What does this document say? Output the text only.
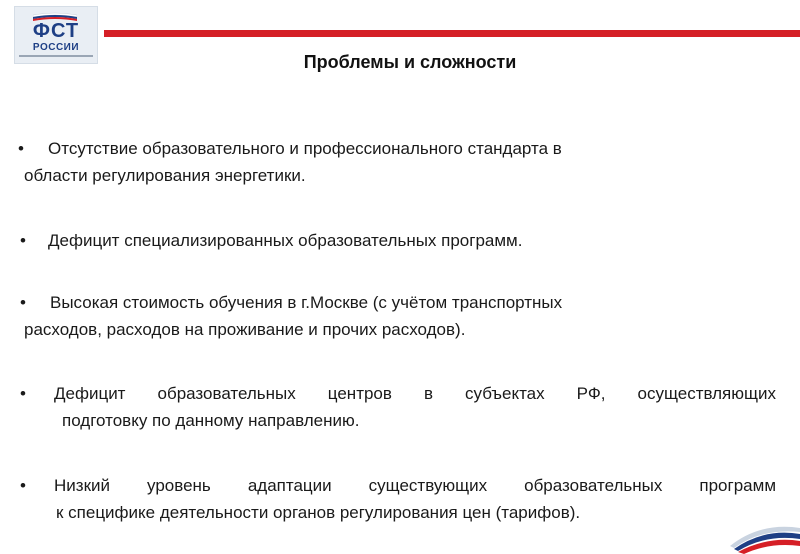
ФСТ
РОССИИ
Проблемы и сложности
• Отсутствие образовательного и профессионального стандарта в
области регулирования энергетики.
• Дефицит специализированных образовательных программ.
• Высокая стоимость обучения в г.Москве (с учётом транспортных
расходов, расходов на проживание и прочих расходов).
• Дефицит образовательных центров в субъектах РФ, осуществляющих
подготовку по данному направлению.
• Низкий уровень адаптации существующих образовательных программ
к специфике деятельности органов регулирования цен (тарифов).
